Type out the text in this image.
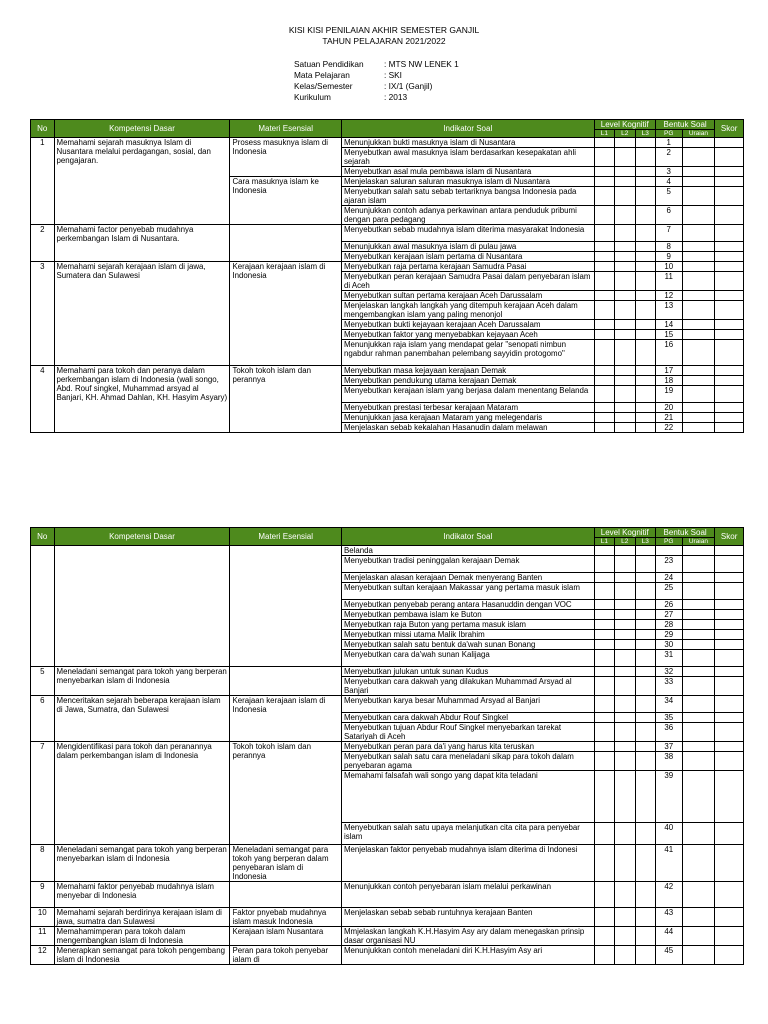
KISI KISI PENILAIAN AKHIR SEMESTER GANJIL
TAHUN PELAJARAN 2021/2022
Satuan Pendidikan	: MTS NW LENEK 1
Mata Pelajaran	: SKI
Kelas/Semester	: IX/1 (Ganjil)
Kurikulum	: 2013
No	Kompetensi Dasar	Materi Esensial	Indikator Soal	Level Kognitif			Bentuk Soal		Skor
				L1	L2	L3	PG	Uraian	
1	Memahami sejarah masuknya Islam di Nusantara melalui perdagangan, sosial, dan pengajaran.	Prosess masuknya islam di Indonesia	Menunjukkan bukti masuknya islam di Nusantara				1		
			Menyebutkan awal masuknya islam berdasarkan kesepakatan ahli sejarah				2		
			Menyebutkan asal mula pembawa islam di Nusantara				3		
		Cara masuknya islam ke Indonesia	Menjelaskan saluran saluran masuknya islam di Nusantara				4		
			Menyebutkan salah satu sebab tertariknya bangsa Indonesia pada ajaran islam				5		
			Menunjukkan contoh adanya perkawinan antara penduduk pribumi dengan para pedagang				6		
2	Memahami factor penyebab mudahnya perkembangan Islam di Nusantara.		Menyebutkan sebab mudahnya islam diterima masyarakat Indonesia				7		
			Menunjukkan awal masuknya islam di pulau jawa				8		
			Menyebutkan kerajaan islam pertama di Nusantara				9		
3	Memahami sejarah kerajaan islam di jawa, Sumatera dan Sulawesi	Kerajaan kerajaan islam di Indonesia	Menyebutkan raja pertama kerajaan Samudra Pasai				10		
			Menyebutkan peran kerajaan Samudra Pasai dalam penyebaran islam di Aceh				11		
			Menyebutkan sultan pertama kerajaan Aceh Darussalam				12		
			Menjelaskan langkah langkah yang ditempuh kerajaan Aceh dalam mengembangkan islam yang paling menonjol				13		
			Menyebutkan bukti kejayaan kerajaan Aceh Darussalam				14		
			Menyebutkan faktor yang menyebabkan kejayaan Aceh				15		
			Menunjukkan raja islam yang mendapat gelar "senopati nimbun ngabdur rahman panembahan pelembang sayyidin protogomo"				16		
4	Memahami para tokoh dan peranya dalam perkembangan islam di Indonesia (wali songo, Abd. Rouf singkel, Muhammad arsyad al Banjari, KH. Ahmad Dahlan, KH. Hasyim Asyary)	Tokoh tokoh islam dan perannya	Menyebutkan masa kejayaan kerajaan Demak				17		
			Menyebutkan pendukung utama kerajaan Demak				18		
			Menyebutkan kerajaan islam yang berjasa dalam menentang Belanda				19		
			Menyebutkan prestasi terbesar kerajaan Mataram				20		
			Menunjukkan jasa kerajaan Mataram yang melegendaris				21		
			Menjelaskan sebab kekalahan Hasanudin dalam melawan				22		
No	Kompetensi Dasar	Materi Esensial	Indikator Soal	Level Kognitif			Bentuk Soal		Skor
				L1	L2	L3	PG	Uraian	
			Belanda						
			Menyebutkan tradisi peninggalan kerajaan Demak				23		
			Menjelaskan alasan kerajaan Demak menyerang Banten				24		
			Menyebutkan sultan kerajaan Makassar yang pertama masuk islam				25		
			Menyebutkan penyebab perang antara Hasanuddin dengan VOC				26		
			Menyebutkan pembawa islam ke Buton				27		
			Menyebutkan raja Buton yang pertama masuk islam				28		
			Menyebutkan missi utama Malik Ibrahim				29		
			Menyebutkan salah satu bentuk da'wah sunan Bonang				30		
			Menyebutkan cara da'wah sunan Kalijaga				31		
5	Meneladani semangat para tokoh yang berperan menyebarkan islam di Indonesia		Menyebutkan julukan untuk sunan Kudus				32		
			Menyebutkan cara dakwah yang dilakukan Muhammad Arsyad al Banjari				33		
6	Menceritakan sejarah beberapa kerajaan islam di Jawa, Sumatra, dan Sulawesi	Kerajaan kerajaan islam di Indonesia	Menyebutkan karya besar Muhammad Arsyad al Banjari				34		
			Menyebutkan cara dakwah Abdur Rouf Singkel				35		
			Menyebutkan tujuan Abdur Rouf Singkel menyebarkan tarekat Satariyah di Aceh				36		
7	Mengidentifikasi para tokoh dan peranannya dalam perkembangan islam di Indonesia	Tokoh tokoh islam dan perannya	Menyebutkan peran para da'i yang harus kita teruskan				37		
			Menyebutkan salah satu cara meneladani sikap para tokoh dalam penyebaran agama				38		
			Memahami falsafah wali songo yang dapat kita teladani				39		
			Menyebutkan salah satu upaya melanjutkan cita cita para penyebar islam				40		
8	Meneladani semangat para tokoh yang berperan menyebarkan islam di Indonesia	Meneladani semangat para tokoh yang berperan dalam penyebaran islam di Indonesia	Menjelaskan faktor penyebab mudahnya islam diterima di Indonesi				41		
9	Memahami faktor penyebab mudahnya islam menyebar di Indonesia		Menunjukkan contoh penyebaran islam melalui perkawinan				42		
10	Memahami sejarah berdirinya kerajaan islam di jawa, sumatra dan Sulawesi	Faktor pnyebab mudahnya islam masuk Indonesia	Menjelaskan sebab sebab runtuhnya kerajaan Banten				43		
11	Memahamimperan para tokoh dalam mengembangkan islam di Indonesia	Kerajaan islam Nusantara	Mmjelaskan langkah K.H.Hasyim Asy ary dalam menegaskan prinsip dasar organisasi NU				44		
12	Menerapkan semangat para tokoh pengembang islam di Indonesia	Peran para tokoh penyebar ialam di	Menunjukkan contoh meneladani diri K.H.Hasyim Asy ari				45		
